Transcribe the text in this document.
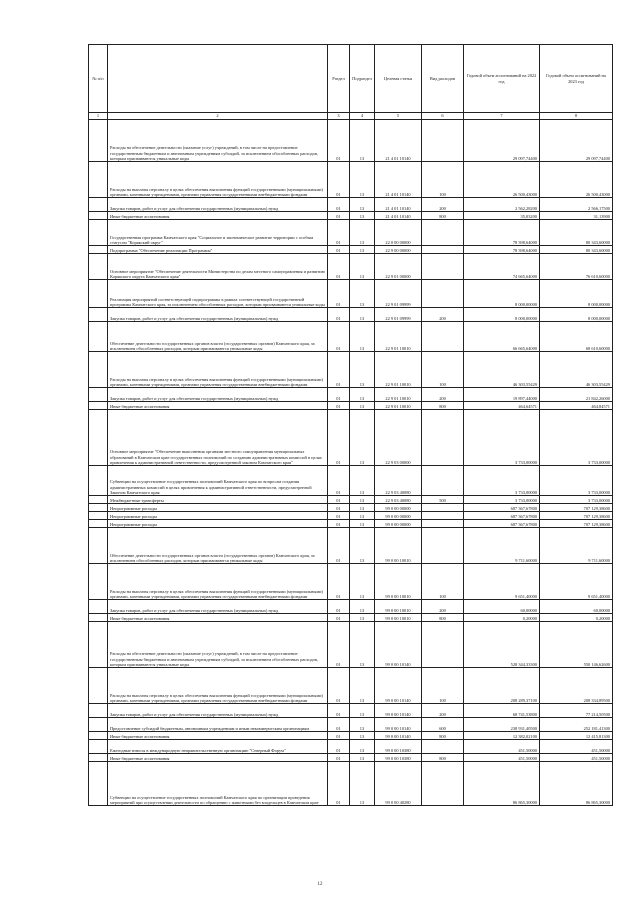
№ п/п		Раздел	Подраздел	Целевая статья	Вид расходов	Годовой объем ассигнований на 2022 год	Годовой объем ассигнований на 2023 год
1	2	3	4	5	6	7	8
	Расходы на обеспечение деятельности (оказание услуг) учреждений, в том числе на предоставление государственным бюджетным и автономным учреждениям субсидий, за исключением обособленных расходов, которым присваиваются уникальные коды	01	13	21 4 01 10140		29 097,74400	29 097,74400
	Расходы на выплаты персоналу в целях обеспечения выполнения функций государственными (муниципальными) органами, казенными учреждениями, органами управления государственными внебюджетными фондами	01	13	21 4 01 10140	100	26 500,43000	26 500,43000
	Закупка товаров, работ и услуг для обеспечения государственных (муниципальных) нужд	01	13	21 4 01 10140	200	2 562,28200	2 566,17500
	Иные бюджетные ассигнования	01	13	21 4 01 10140	800	35,03200	31,13900
	Государственная программа Камчатского края "Социальное и экономическое развитие территории с особым статусом "Корякский округ"	01	13	22 0 00 00000		78 398,64000	80 343,60000
	Подпрограмма "Обеспечение реализации Программы"	01	13	22 9 00 00000		78 398,64000	80 343,60000
	Основное мероприятие "Обеспечение деятельности Министерства по делам местного самоуправления и развитию Корякского округа Камчатского края"	01	13	22 9 01 00000		74 665,64000	76 610,60000
	Реализация мероприятий соответствующей подпрограммы в рамках соответствующей государственной программы Камчатского края, за исключением обособленных расходов, которым присваиваются уникальные коды	01	13	22 9 01 09999		8 000,00000	8 000,00000
	Закупка товаров, работ и услуг для обеспечения государственных (муниципальных) нужд	01	13	22 9 01 09999	200	8 000,00000	8 000,00000
	Обеспечение деятельности государственных органов власти (государственных органов) Камчатского края, за исключением обособленных расходов, которым присваиваются уникальные коды	01	13	22 9 01 10010		66 665,64000	68 610,60000
	Расходы на выплаты персоналу в целях обеспечения выполнения функций государственными (муниципальными) органами, казенными учреждениями, органами управления государственными внебюджетными фондами	01	13	22 9 01 10010	100	46 303,55429	46 303,55429
	Закупка товаров, работ и услуг для обеспечения государственных (муниципальных) нужд	01	13	22 9 01 10010	200	19 897,44000	21 842,26000
	Иные бюджетные ассигнования	01	13	22 9 01 10010	800	464,64571	464,84571
	Основное мероприятие "Обеспечение выполнения органами местного самоуправления муниципальных образований в Камчатском крае государственных полномочий по созданию административных комиссий в целях привлечения к административной ответственности, предусмотренной законом Камчатского края"	01	13	22 9 03 00000		3 733,00000	3 733,00000
	Субвенции на осуществление государственных полномочий Камчатского края по вопросам создания административных комиссий в целях привлечения к административной ответственности, предусмотренной Законом Камчатского края	01	13	22 9 03 40080		3 733,00000	3 733,00000
	Межбюджетные трансферты	01	13	22 9 03 40080	500	3 733,00000	3 733,00000
	Непрограммные расходы	01	13	99 0 00 00000		687 367,67800	707 129,38600
	Непрограммные расходы	01	13	99 0 00 00000		687 367,67800	707 129,38600
	Непрограммные расходы	01	13	99 0 00 00000		687 367,67800	707 129,38600
	Обеспечение деятельности государственных органов власти (государственных органов) Камчатского края, за исключением обособленных расходов, которым присваиваются уникальные коды	01	13	99 0 00 10010		9 711,60000	9 711,60000
	Расходы на выплаты персоналу в целях обеспечения выполнения функций государственными (муниципальными) органами, казенными учреждениями, органами управления государственными внебюджетными фондами	01	13	99 0 00 10010	100	9 651,40000	9 651,40000
	Закупка товаров, работ и услуг для обеспечения государственных (муниципальных) нужд	01	13	99 0 00 10010	200	60,00000	60,00000
	Иные бюджетные ассигнования	01	13	99 0 00 10010	800	0,20000	0,20000
	Расходы на обеспечение деятельности (оказание услуг) учреждений, в том числе на предоставление государственным бюджетным и автономным учреждениям субсидий, за исключением обособленных расходов, которым присваиваются уникальные коды	01	13	99 0 00 10140		528 344,33300	550 146,62600
	Расходы на выплаты персоналу в целях обеспечения выполнения функций государственными (муниципальными) органами, казенными учреждениями, органами управления государственными внебюджетными фондами	01	13	99 0 00 10140	100	208 289,37100	208 334,89500
	Закупка товаров, работ и услуг для обеспечения государственных (муниципальных) нужд	01	13	99 0 00 10140	200	68 741,53800	77 214,50500
	Предоставление субсидий бюджетным, автономным учреждениям и иным некоммерческим организациям	01	13	99 0 00 10140	600	238 931,40500	252 181,41300
	Иные бюджетные ассигнования	01	13	99 0 00 10140	800	12 382,02100	12 415,81300
	Ежегодные взносы в международную неправительственную организацию "Северный Форум"	01	13	99 0 00 10380		451,50000	451,50000
	Иные бюджетные ассигнования	01	13	99 0 00 10380	800	451,50000	451,50000
	Субвенции на осуществление государственных полномочий Камчатского края по организации проведения мероприятий при осуществлении деятельности по обращению с животными без владельцев в Камчатском крае	01	13	99 0 00 40280		86 865,30000	86 865,30000
12
